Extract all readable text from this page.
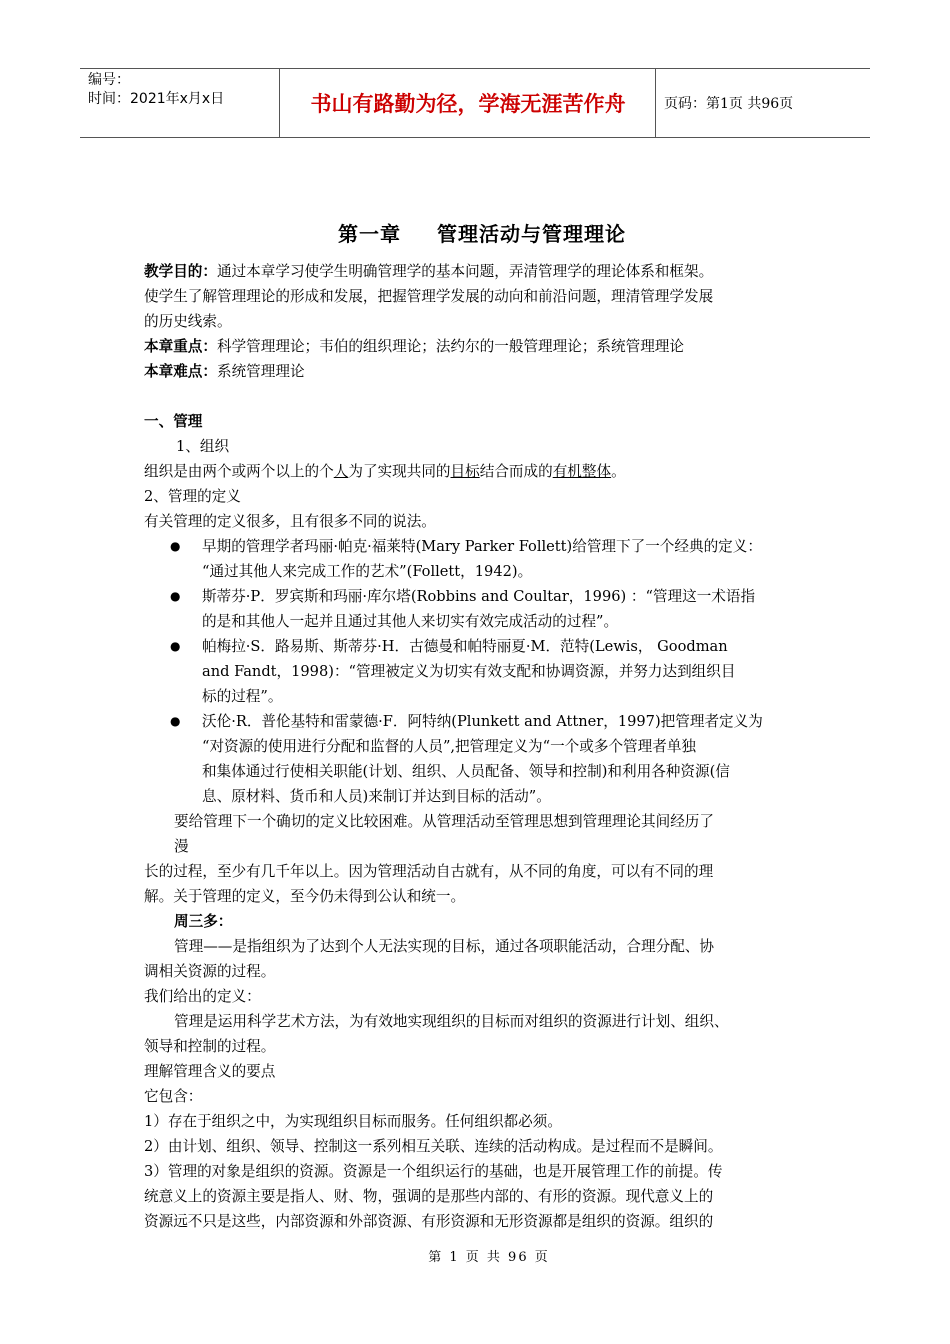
编号：
时间：2021年x月x日	书山有路勤为径，学海无涯苦作舟	页码：第1页 共96页
第一章 管理活动与管理理论

教学目的：通过本章学习使学生明确管理学的基本问题，弄清管理学的理论体系和框架。

使学生了解管理理论的形成和发展，把握管理学发展的动向和前沿问题，理清管理学发展

的历史线索。

本章重点：科学管理理论；韦伯的组织理论；法约尔的一般管理理论；系统管理理论

本章难点：系统管理理论

一、管理

1、组织

组织是由两个或两个以上的个人为了实现共同的目标结合而成的有机整体。

2、管理的定义

有关管理的定义很多，且有很多不同的说法。

● 早期的管理学者玛丽·帕克·福莱特(Mary Parker Follett)给管理下了一个经典的定义：

“通过其他人来完成工作的艺术”(Follett，1942)。

● 斯蒂芬·P．罗宾斯和玛丽·库尔塔(Robbins and Coultar，1996) ：“管理这一术语指

的是和其他人一起并且通过其他人来切实有效完成活动的过程”。

● 帕梅拉·S．路易斯、斯蒂芬·H．古德曼和帕特丽夏·M．范特(Lewis， Goodman

and Fandt，1998)：“管理被定义为切实有效支配和协调资源，并努力达到组织目

标的过程”。

● 沃伦·R．普伦基特和雷蒙德·F．阿特纳(Plunkett and Attner，1997)把管理者定义为

“对资源的使用进行分配和监督的人员”,把管理定义为“一个或多个管理者单独

和集体通过行使相关职能(计划、组织、人员配备、领导和控制)和利用各种资源(信

息、原材料、货币和人员)来制订并达到目标的活动”。

要给管理下一个确切的定义比较困难。从管理活动至管理思想到管理理论其间经历了

漫

长的过程，至少有几千年以上。因为管理活动自古就有，从不同的角度，可以有不同的理

解。关于管理的定义，至今仍未得到公认和统一。

周三多：

管理——是指组织为了达到个人无法实现的目标，通过各项职能活动，合理分配、协

调相关资源的过程。

我们给出的定义：

管理是运用科学艺术方法，为有效地实现组织的目标而对组织的资源进行计划、组织、

领导和控制的过程。

理解管理含义的要点

它包含：

1）存在于组织之中，为实现组织目标而服务。任何组织都必须。

2）由计划、组织、领导、控制这一系列相互关联、连续的活动构成。是过程而不是瞬间。

3）管理的对象是组织的资源。资源是一个组织运行的基础，也是开展管理工作的前提。传

统意义上的资源主要是指人、财、物，强调的是那些内部的、有形的资源。现代意义上的

资源远不只是这些，内部资源和外部资源、有形资源和无形资源都是组织的资源。组织的

第 1 页 共 96 页
